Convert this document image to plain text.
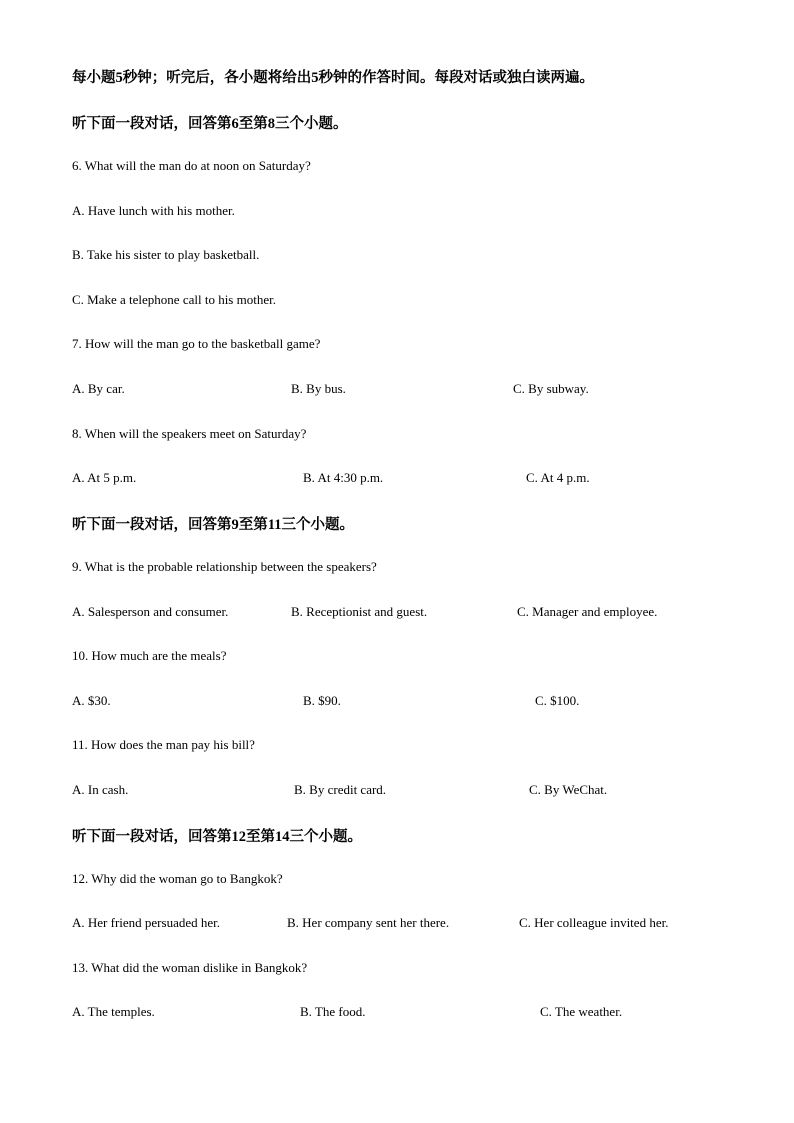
每小题5秒钟；听完后，各小题将给出5秒钟的作答时间。每段对话或独白读两遍。
听下面一段对话，回答第6至第8三个小题。
6. What will the man do at noon on Saturday?
A. Have lunch with his mother.
B. Take his sister to play basketball.
C. Make a telephone call to his mother.
7. How will the man go to the basketball game?
A. By car.	B. By bus.	C. By subway.
8. When will the speakers meet on Saturday?
A. At 5 p.m.	B. At 4:30 p.m.	C. At 4 p.m.
听下面一段对话，回答第9至第11三个小题。
9. What is the probable relationship between the speakers?
A. Salesperson and consumer.	B. Receptionist and guest.	C. Manager and employee.
10. How much are the meals?
A. $30.	B. $90.	C. $100.
11. How does the man pay his bill?
A. In cash.	B. By credit card.	C. By WeChat.
听下面一段对话，回答第12至第14三个小题。
12. Why did the woman go to Bangkok?
A. Her friend persuaded her.	B. Her company sent her there.	C. Her colleague invited her.
13. What did the woman dislike in Bangkok?
A. The temples.	B. The food.	C. The weather.
